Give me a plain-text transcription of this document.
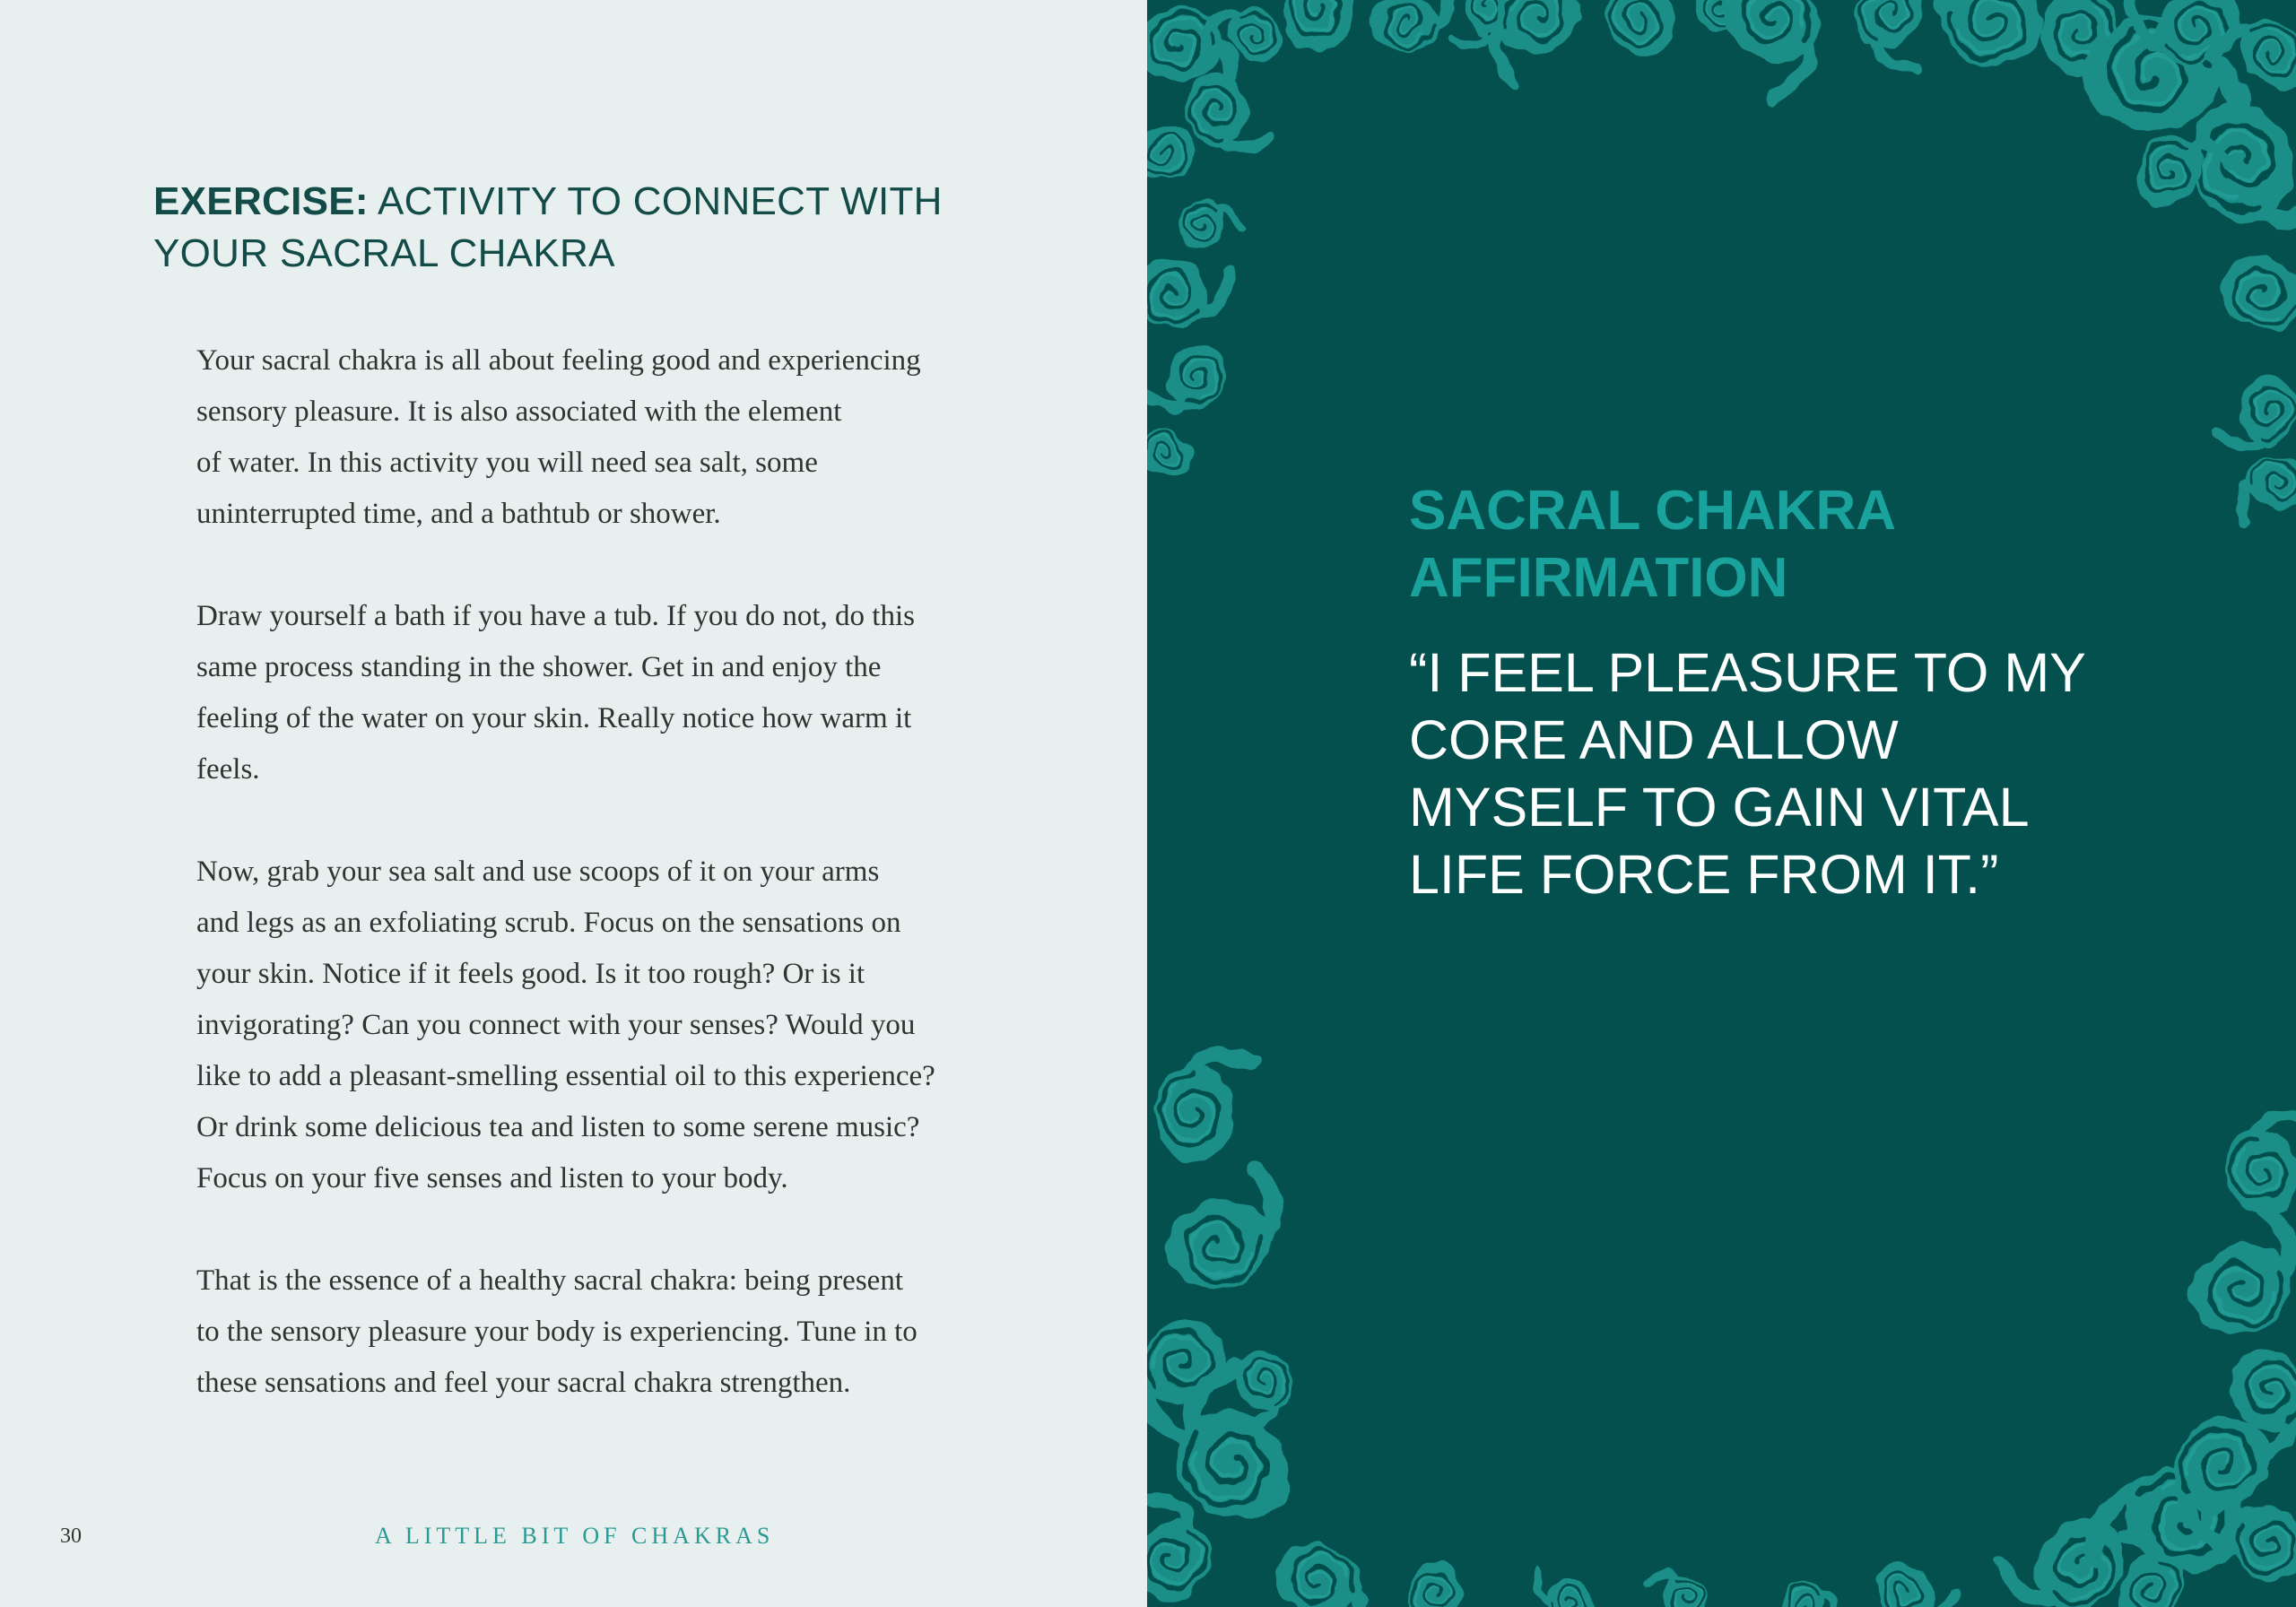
EXERCISE: ACTIVITY TO CONNECT WITH
YOUR SACRAL CHAKRA

Your sacral chakra is all about feeling good and experiencing
sensory pleasure. It is also associated with the element
of water. In this activity you will need sea salt, some
uninterrupted time, and a bathtub or shower.

Draw yourself a bath if you have a tub. If you do not, do this
same process standing in the shower. Get in and enjoy the
feeling of the water on your skin. Really notice how warm it
feels.

Now, grab your sea salt and use scoops of it on your arms
and legs as an exfoliating scrub. Focus on the sensations on
your skin. Notice if it feels good. Is it too rough? Or is it
invigorating? Can you connect with your senses? Would you
like to add a pleasant-smelling essential oil to this experience?
Or drink some delicious tea and listen to some serene music?
Focus on your five senses and listen to your body.

That is the essence of a healthy sacral chakra: being present
to the sensory pleasure your body is experiencing. Tune in to
these sensations and feel your sacral chakra strengthen.

30	A LITTLE BIT OF CHAKRAS
SACRAL CHAKRA
AFFIRMATION

“I FEEL PLEASURE TO MY
CORE AND ALLOW
MYSELF TO GAIN VITAL
LIFE FORCE FROM IT.”
